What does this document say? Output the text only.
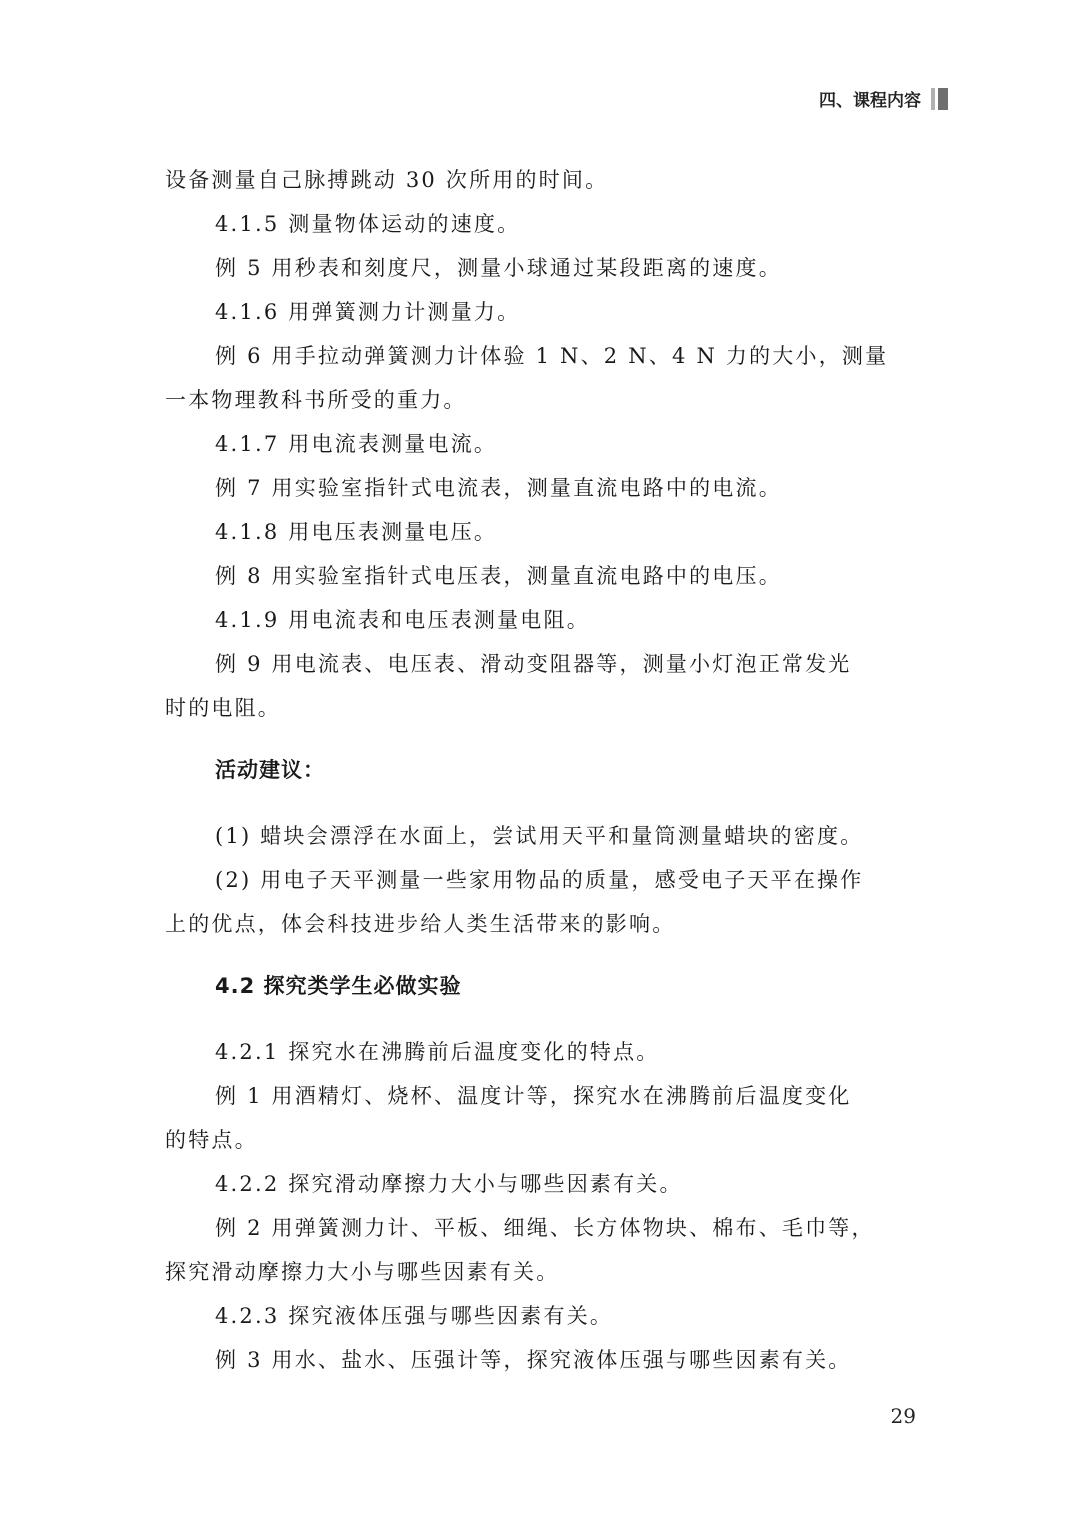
四、课程内容

设备测量自己脉搏跳动 30 次所用的时间。

4.1.5 测量物体运动的速度。

例 5 用秒表和刻度尺，测量小球通过某段距离的速度。

4.1.6 用弹簧测力计测量力。

例 6 用手拉动弹簧测力计体验 1 N、2 N、4 N 力的大小，测量

一本物理教科书所受的重力。

4.1.7 用电流表测量电流。

例 7 用实验室指针式电流表，测量直流电路中的电流。

4.1.8 用电压表测量电压。

例 8 用实验室指针式电压表，测量直流电路中的电压。

4.1.9 用电流表和电压表测量电阻。

例 9 用电流表、电压表、滑动变阻器等，测量小灯泡正常发光

时的电阻。

活动建议：

(1) 蜡块会漂浮在水面上，尝试用天平和量筒测量蜡块的密度。

(2) 用电子天平测量一些家用物品的质量，感受电子天平在操作

上的优点，体会科技进步给人类生活带来的影响。

4.2 探究类学生必做实验

4.2.1 探究水在沸腾前后温度变化的特点。

例 1 用酒精灯、烧杯、温度计等，探究水在沸腾前后温度变化

的特点。

4.2.2 探究滑动摩擦力大小与哪些因素有关。

例 2 用弹簧测力计、平板、细绳、长方体物块、棉布、毛巾等，

探究滑动摩擦力大小与哪些因素有关。

4.2.3 探究液体压强与哪些因素有关。

例 3 用水、盐水、压强计等，探究液体压强与哪些因素有关。

29
